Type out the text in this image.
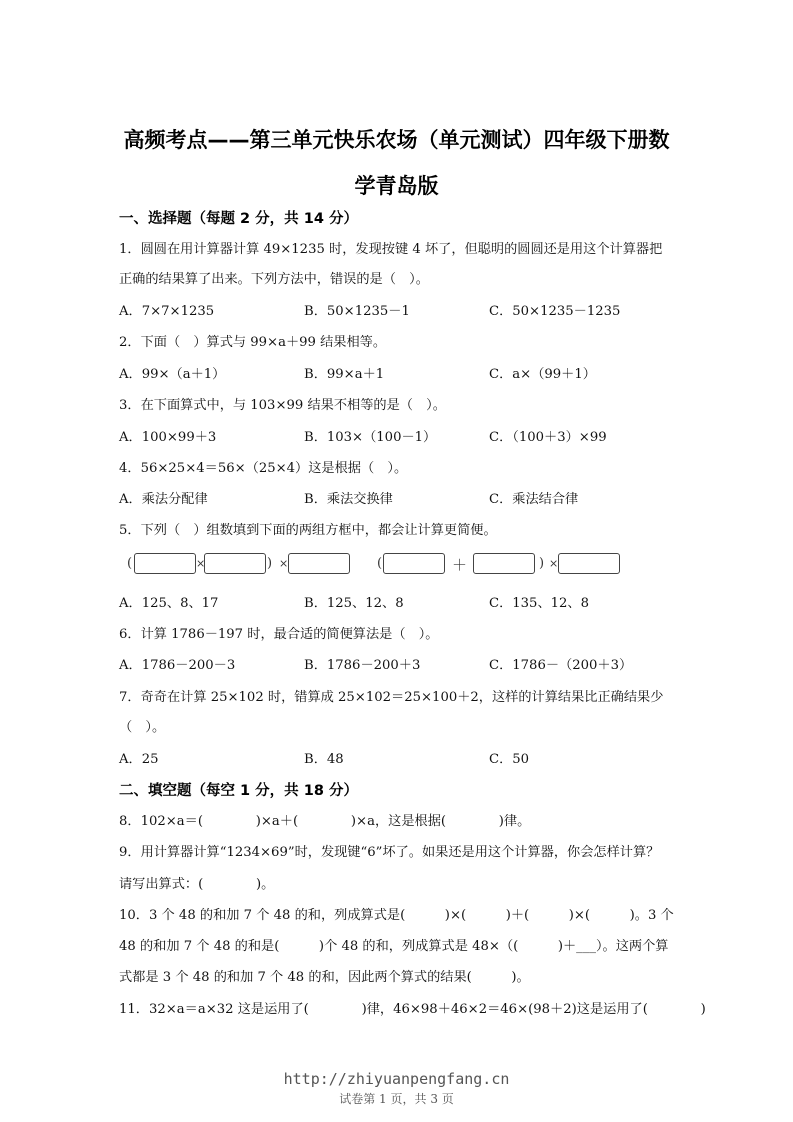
高频考点——第三单元快乐农场（单元测试）四年级下册数
学青岛版
一、选择题（每题 2 分，共 14 分）
1．圆圆在用计算器计算 49×1235 时，发现按键 4 坏了，但聪明的圆圆还是用这个计算器把
正确的结果算了出来。下列方法中，错误的是（　）。
A．7×7×1235	B．50×1235－1	C．50×1235－1235
2．下面（　）算式与 99×a＋99 结果相等。
A．99×（a＋1）	B．99×a＋1	C．a×（99＋1）
3．在下面算式中，与 103×99 结果不相等的是（　）。
A．100×99＋3	B．103×（100－1）	C．（100＋3）×99
4．56×25×4＝56×（25×4）这是根据（　）。
A．乘法分配律	B．乘法交换律	C．乘法结合律
5．下列（　）组数填到下面的两组方框中，都会让计算更简便。
(	×	) ×	(	＋	) ×
A．125、8、17	B．125、12、8	C．135、12、8
6．计算 1786－197 时，最合适的简便算法是（　）。
A．1786－200－3	B．1786－200＋3	C．1786－（200＋3）
7．奇奇在计算 25×102 时，错算成 25×102＝25×100＋2，这样的计算结果比正确结果少
（　）。
A．25	B．48	C．50
二、填空题（每空 1 分，共 18 分）
8．102×a＝(　　　　)×a＋(　　　　)×a，这是根据(　　　　)律。
9．用计算器计算“1234×69”时，发现键“6”坏了。如果还是用这个计算器，你会怎样计算？
请写出算式：(　　　　)。
10．3 个 48 的和加 7 个 48 的和，列成算式是(　　　)×(　　　)＋(　　　)×(　　　)。3 个
48 的和加 7 个 48 的和是(　　　)个 48 的和，列成算式是 48×（(　　　)＋___）。这两个算
式都是 3 个 48 的和加 7 个 48 的和，因此两个算式的结果(　　　)。
11．32×a＝a×32 这是运用了(　　　　)律，46×98＋46×2＝46×(98＋2)这是运用了(　　　　)
http://zhiyuanpengfang.cn
试卷第 1 页，共 3 页
